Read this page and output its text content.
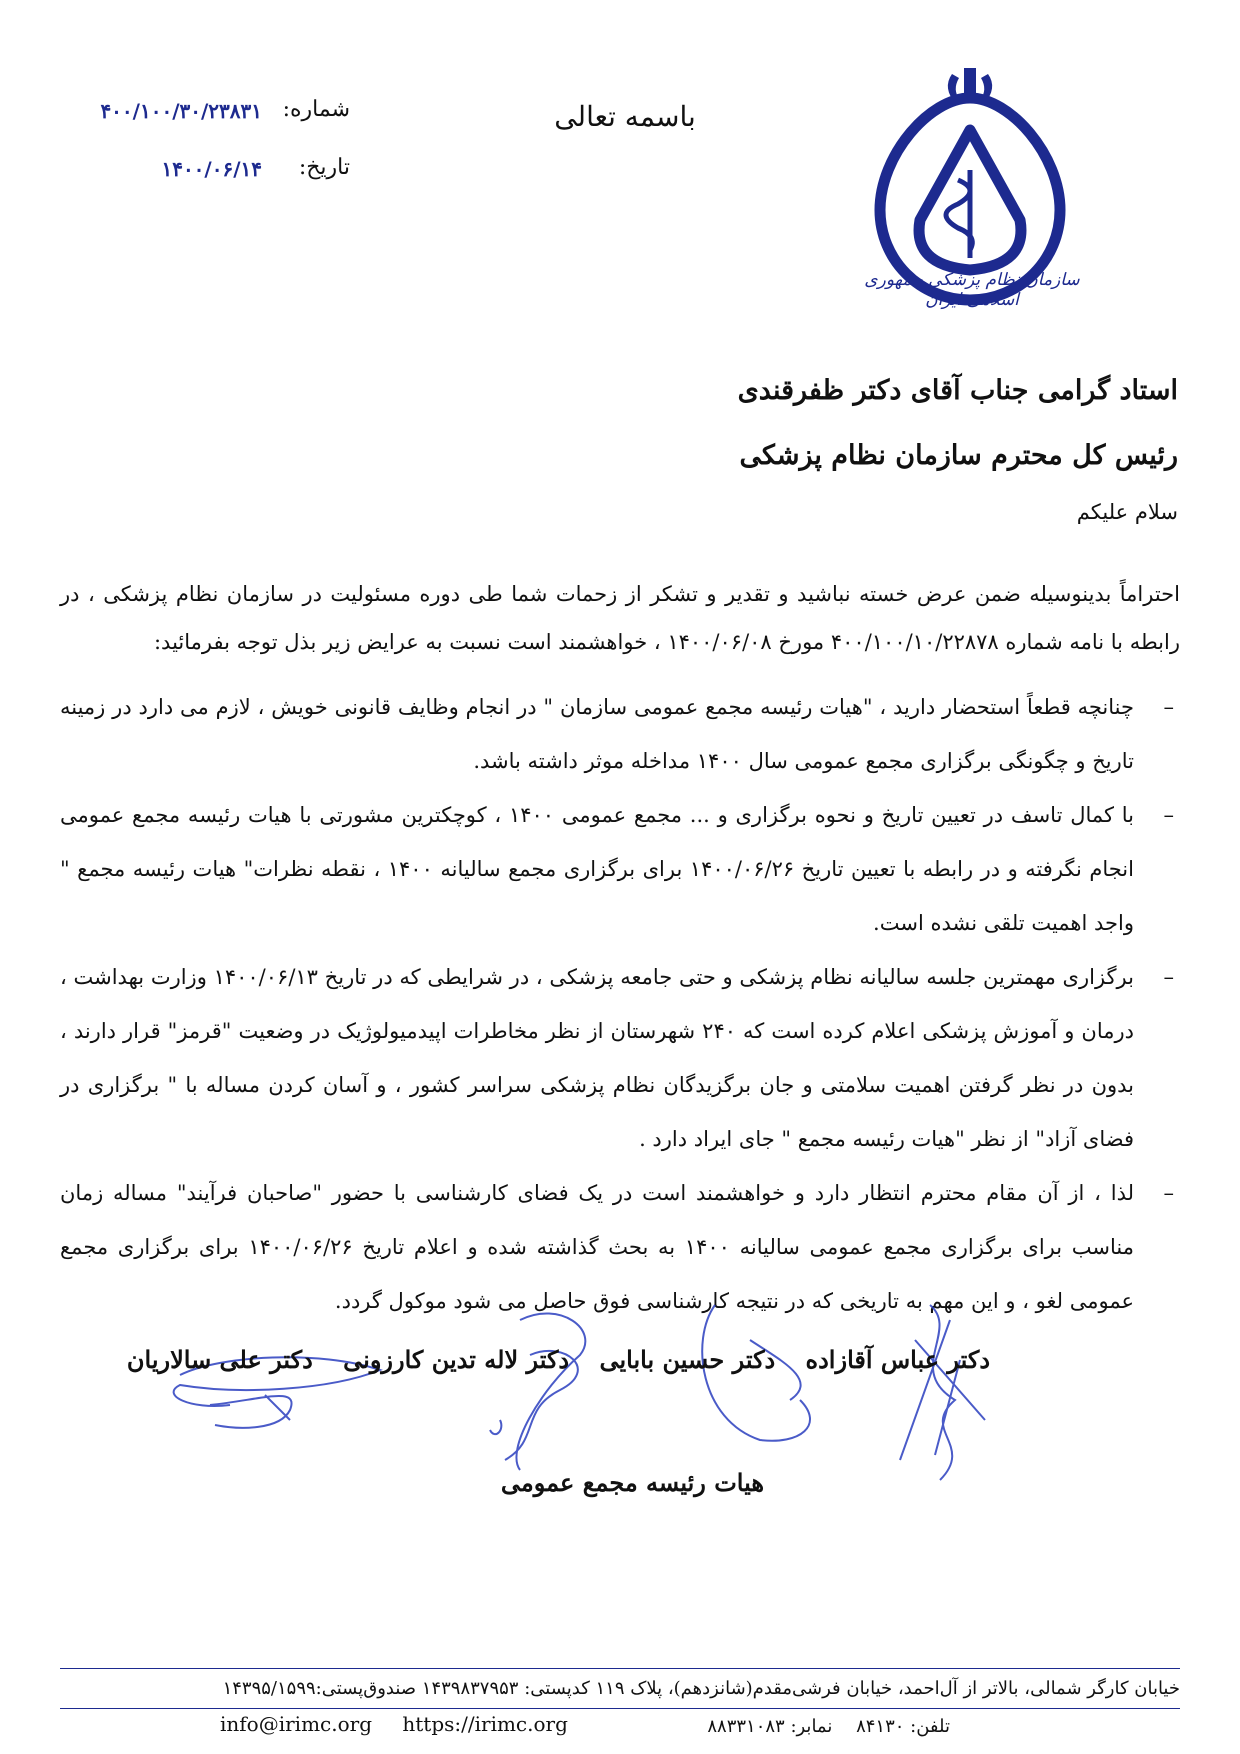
سازمان نظام پزشکی جمهوری اسلامی ایران
باسمه تعالی
شماره:
۴۰۰/۱۰۰/۳۰/۲۳۸۳۱
تاریخ:
۱۴۰۰/۰۶/۱۴
استاد گرامی جناب آقای دکتر ظفرقندی
رئیس کل محترم سازمان نظام پزشکی
سلام علیکم
احتراماً بدینوسیله ضمن عرض خسته نباشید و تقدیر و تشکر از زحمات شما طی دوره مسئولیت در سازمان نظام پزشکی ، در رابطه با نامه شماره ۴۰۰/۱۰۰/۱۰/۲۲۸۷۸ مورخ ۱۴۰۰/۰۶/۰۸ ، خواهشمند است نسبت به عرایض زیر بذل توجه بفرمائید:
–
چنانچه قطعاً استحضار دارید ، "هیات رئیسه مجمع عمومی سازمان " در انجام وظایف قانونی خویش ، لازم می دارد در زمینه تاریخ و چگونگی برگزاری مجمع عمومی سال ۱۴۰۰ مداخله موثر داشته باشد.
–
با کمال تاسف در تعیین تاریخ و نحوه برگزاری و ... مجمع عمومی ۱۴۰۰ ، کوچکترین مشورتی با هیات رئیسه مجمع عمومی انجام نگرفته و در رابطه با تعیین تاریخ ۱۴۰۰/۰۶/۲۶ برای برگزاری مجمع سالیانه ۱۴۰۰ ، نقطه نظرات" هیات رئیسه مجمع " واجد اهمیت تلقی نشده است.
–
برگزاری مهمترین جلسه سالیانه نظام پزشکی و حتی جامعه پزشکی ، در شرایطی که در تاریخ ۱۴۰۰/۰۶/۱۳ وزارت بهداشت ، درمان و آموزش پزشکی اعلام کرده است که ۲۴۰ شهرستان از نظر مخاطرات اپیدمیولوژیک در وضعیت "قرمز" قرار دارند ، بدون در نظر گرفتن اهمیت سلامتی و جان برگزیدگان نظام پزشکی سراسر کشور ، و آسان کردن مساله با " برگزاری در فضای آزاد" از نظر "هیات رئیسه مجمع " جای ایراد دارد .
–
لذا ، از آن مقام محترم انتظار دارد و خواهشمند است در یک فضای کارشناسی با حضور "صاحبان فرآیند" مساله زمان مناسب برای برگزاری مجمع عمومی سالیانه ۱۴۰۰ به بحث گذاشته شده و اعلام تاریخ ۱۴۰۰/۰۶/۲۶ برای برگزاری مجمع عمومی لغو ، و این مهم به تاریخی که در نتیجه کارشناسی فوق حاصل می شود موکول گردد.
دکتر عباس آقازاده دکتر حسین بابایی دکتر لاله تدین کارزونی دکتر علی سالاریان
هیات رئیسه مجمع عمومی
خیابان کارگر شمالی، بالاتر از آل‌احمد، خیابان فرشی‌مقدم(شانزدهم)، پلاک ۱۱۹ کدپستی: ۱۴۳۹۸۳۷۹۵۳ صندوق‌پستی:۱۴۳۹۵/۱۵۹۹
info@irimc.org https://irimc.org	تلفن: ۸۴۱۳۰ نمابر: ۸۸۳۳۱۰۸۳
